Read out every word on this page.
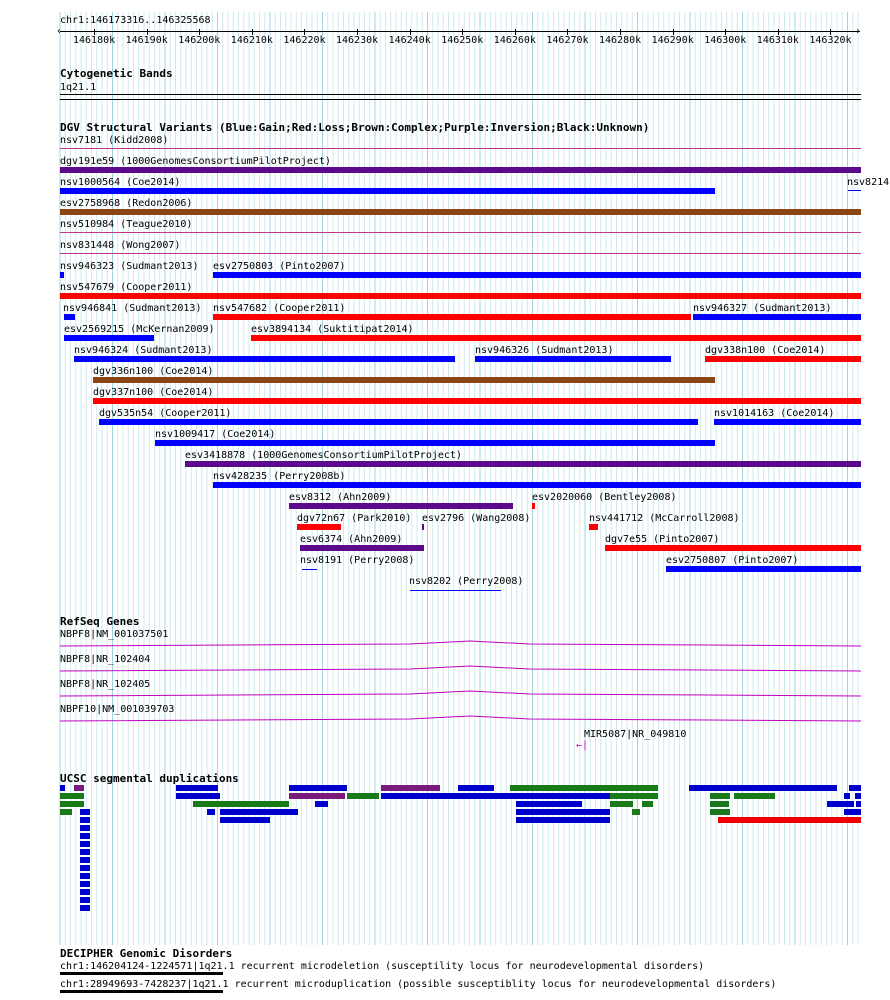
chr1:146173316..146325568
‹	›
146180k 146190k 146200k 146210k 146220k 146230k 146240k 146250k 146260k 146270k 146280k 146290k 146300k 146310k 146320k
Cytogenetic Bands
1q21.1
DGV Structural Variants (Blue:Gain;Red:Loss;Brown:Complex;Purple:Inversion;Black:Unknown)
nsv7181 (Kidd2008)
dgv191e59 (1000GenomesConsortiumPilotProject)
nsv1000564 (Coe2014)	nsv8214
esv2758968 (Redon2006)
nsv510984 (Teague2010)
nsv831448 (Wong2007)
nsv946323 (Sudmant2013) esv2750803 (Pinto2007)
nsv547679 (Cooper2011)
nsv946841 (Sudmant2013) nsv547682 (Cooper2011)	nsv946327 (Sudmant2013)
esv2569215 (McKernan2009)	esv3894134 (Suktitipat2014)
nsv946324 (Sudmant2013)	nsv946326 (Sudmant2013)	dgv338n100 (Coe2014)
dgv336n100 (Coe2014)
dgv337n100 (Coe2014)
dgv535n54 (Cooper2011)	nsv1014163 (Coe2014)
nsv1009417 (Coe2014)
esv3418878 (1000GenomesConsortiumPilotProject)
nsv428235 (Perry2008b)
esv8312 (Ahn2009)	esv2020060 (Bentley2008)
dgv72n67 (Park2010) esv2796 (Wang2008)	nsv441712 (McCarroll2008)
esv6374 (Ahn2009)	dgv7e55 (Pinto2007)
nsv8191 (Perry2008)	esv2750807 (Pinto2007)
nsv8202 (Perry2008)
RefSeq Genes
NBPF8|NM_001037501
NBPF8|NR_102404
NBPF8|NR_102405
NBPF10|NM_001039703
MIR5087|NR_049810
←|
UCSC segmental duplications
DECIPHER Genomic Disorders
chr1:146204124-1224571|1q21.1 recurrent microdeletion (susceptility locus for neurodevelopmental disorders)
chr1:28949693-7428237|1q21.1 recurrent microduplication (possible susceptiblity locus for neurodevelopmental disorders)
